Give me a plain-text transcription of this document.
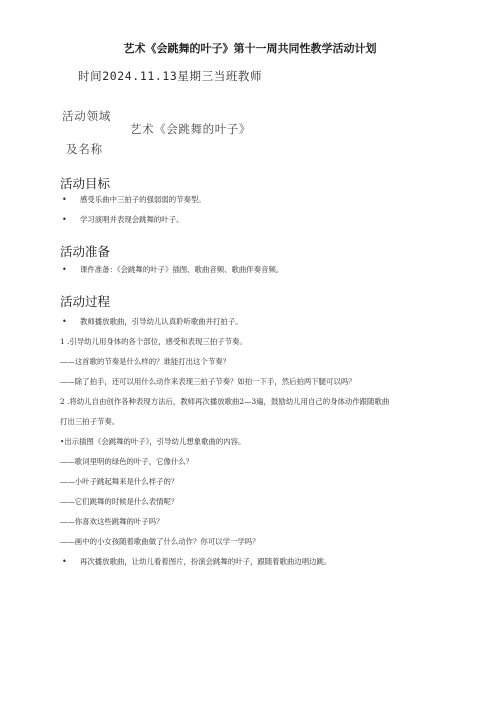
艺术《会跳舞的叶子》第十一周共同性教学活动计划
时间2024.11.13星期三当班教师
活动领域
艺术《会跳舞的叶子》
及名称
活动目标
• 感受乐曲中三拍子的强弱弱的节奏型。
• 学习演唱并表现会跳舞的叶子。
活动准备
• 课件准备：《会跳舞的叶子》插图、歌曲音频、歌曲伴奏音频。
活动过程
• 教师播放歌曲，引导幼儿认真聆听歌曲并打拍子。
1 .引导幼儿用身体的各个部位，感受和表现三拍子节奏。
——这首歌的节奏是什么样的？谁能打出这个节奏？
——除了拍手，还可以用什么动作来表现三拍子节奏？如拍一下手，然后拍两下腿可以吗？
2 .将幼儿自由创作各种表现方法后，教师再次播放歌曲2—3遍，鼓励幼儿用自己的身体动作跟随歌曲
打出三拍子节奏。
•出示插图《会跳舞的叶子》，引导幼儿想象歌曲的内容。
——歌词里明的绿色的叶子，它像什么？
——小叶子跳起舞来是什么样子的？
——它们跳舞的时候是什么表情呢？
——你喜欢这些跳舞的叶子吗？
——画中的小女孩随着歌曲做了什么动作？你可以学一学吗？
• 再次播放歌曲，让幼儿看着图片，扮演会跳舞的叶子，跟随着歌曲边唱边跳。
